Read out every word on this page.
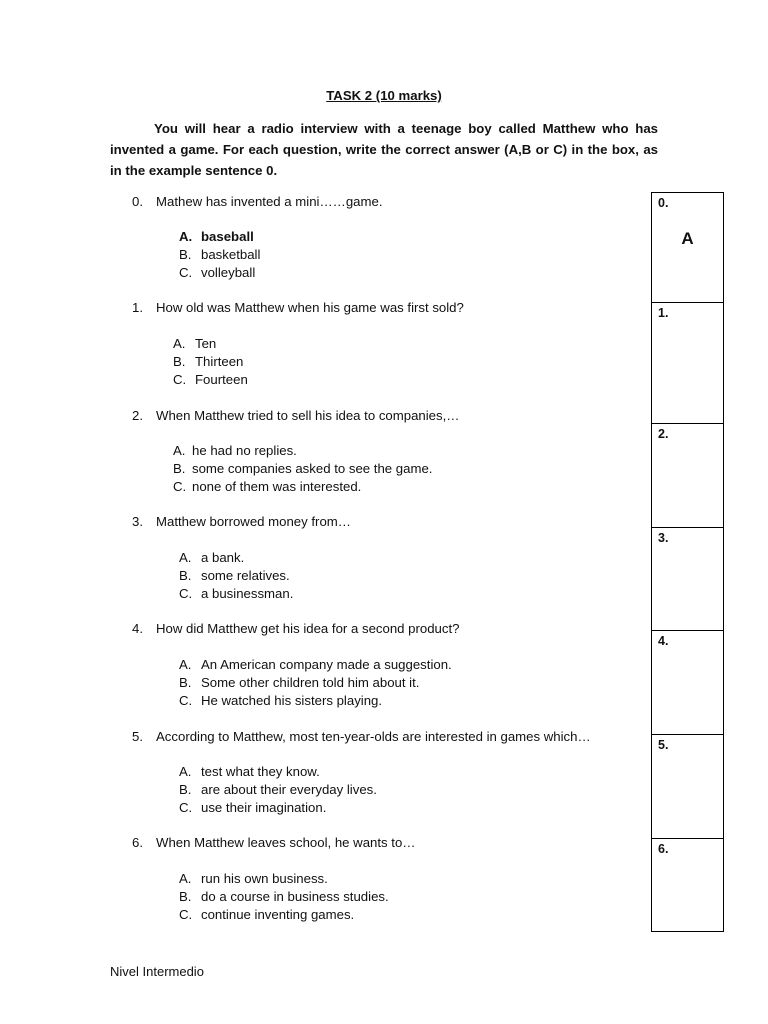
TASK 2 (10 marks)
You will hear a radio interview with a teenage boy called Matthew who has invented a game. For each question, write the correct answer (A,B or C) in the box, as in the example sentence 0.
0. Mathew has invented a mini……game.
A. baseball
B. basketball
C. volleyball
1. How old was Matthew when his game was first sold?
A. Ten
B. Thirteen
C. Fourteen
2. When Matthew tried to sell his idea to companies,…
A. he had no replies.
B. some companies asked to see the game.
C. none of them was interested.
3. Matthew borrowed money from…
A. a bank.
B. some relatives.
C. a businessman.
4. How did Matthew get his idea for a second product?
A. An American company made a suggestion.
B. Some other children told him about it.
C. He watched his sisters playing.
5. According to Matthew, most ten-year-olds are interested in games which…
A. test what they know.
B. are about their everyday lives.
C. use their imagination.
6. When Matthew leaves school, he wants to…
A. run his own business.
B. do a course in business studies.
C. continue inventing games.
0.
A
1.
2.
3.
4.
5.
6.
Nivel Intermedio
